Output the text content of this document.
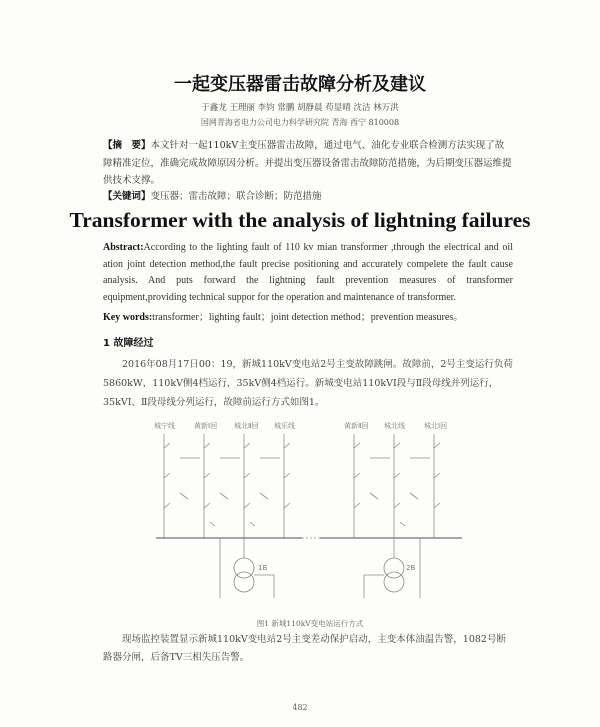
一起变压器雷击故障分析及建议
于鑫龙 王理丽 李钧 常鹏 胡静晨 苟显晴 沈洁 林万洪
国网青海省电力公司电力科学研究院 青海 西宁 810008
【摘　要】本文针对一起110kV主变压器雷击故障，通过电气、油化专业联合检测方法实现了故障精准定位，准确完成故障原因分析。并提出变压器设备雷击故障防范措施，为后期变压器运维提供技术支撑。
【关键词】变压器；雷击故障；联合诊断；防范措施
Transformer with the analysis of lightning failures
Abstract:According to the lighting fault of 110 kv mian transformer ,through the electrical and oil ation joint detection method,the fault precise positioning and accurately compelete the fault cause analysis. And puts forward the lightning fault prevention measures of transformer equipment,providing technical suppor for the operation and maintenance of transformer.
Key words:transformer；lighting fault；joint detection method；prevention measures。
1 故障经过
2016年08月17日00：19，新城110kV变电站2号主变故障跳闸。故障前，2号主变运行负荷5860kW，110kV侧4档运行，35kV侧4档运行。新城变电站110kVⅠ段与Ⅱ段母线并列运行，35kVⅠ、Ⅱ段母线分列运行，故障前运行方式如图1。
城宁线	黄新Ⅰ回 城北Ⅱ回 城乐线	黄新Ⅱ回 城北线	城北Ⅰ回
1B	2B
图1 新城110kV变电站运行方式
现场监控装置显示新城110kV变电站2号主变差动保护启动，主变本体油温告警，1082号断路器分闸，后备TV三相失压告警。
482
